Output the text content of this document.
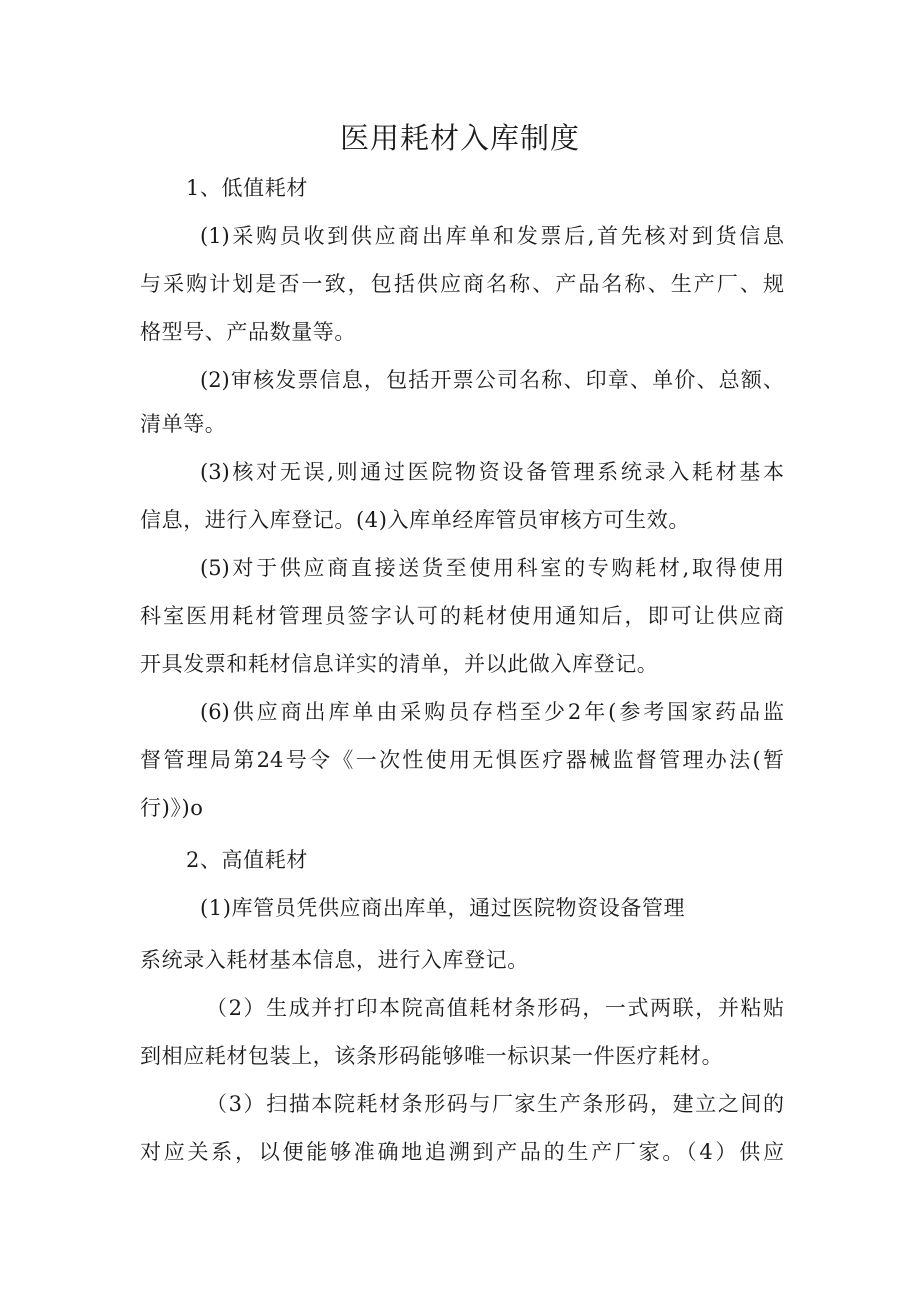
医用耗材入库制度
1、低值耗材
(1)采购员收到供应商出库单和发票后,首先核对到货信息
与采购计划是否一致，包括供应商名称、产品名称、生产厂、规
格型号、产品数量等。
(2)审核发票信息，包括开票公司名称、印章、单价、总额、
清单等。
(3)核对无误,则通过医院物资设备管理系统录入耗材基本
信息，进行入库登记。(4)入库单经库管员审核方可生效。
(5)对于供应商直接送货至使用科室的专购耗材,取得使用
科室医用耗材管理员签字认可的耗材使用通知后，即可让供应商
开具发票和耗材信息详实的清单，并以此做入库登记。
(6)供应商出库单由采购员存档至少2年(参考国家药品监
督管理局第24号令《一次性使用无惧医疗器械监督管理办法(暂
行)》)o
2、高值耗材
(1)库管员凭供应商出库单，通过医院物资设备管理
系统录入耗材基本信息，进行入库登记。
（2）生成并打印本院高值耗材条形码，一式两联，并粘贴
到相应耗材包装上，该条形码能够唯一标识某一件医疗耗材。
（3）扫描本院耗材条形码与厂家生产条形码，建立之间的
对应关系，以便能够准确地追溯到产品的生产厂家。（4）供应
